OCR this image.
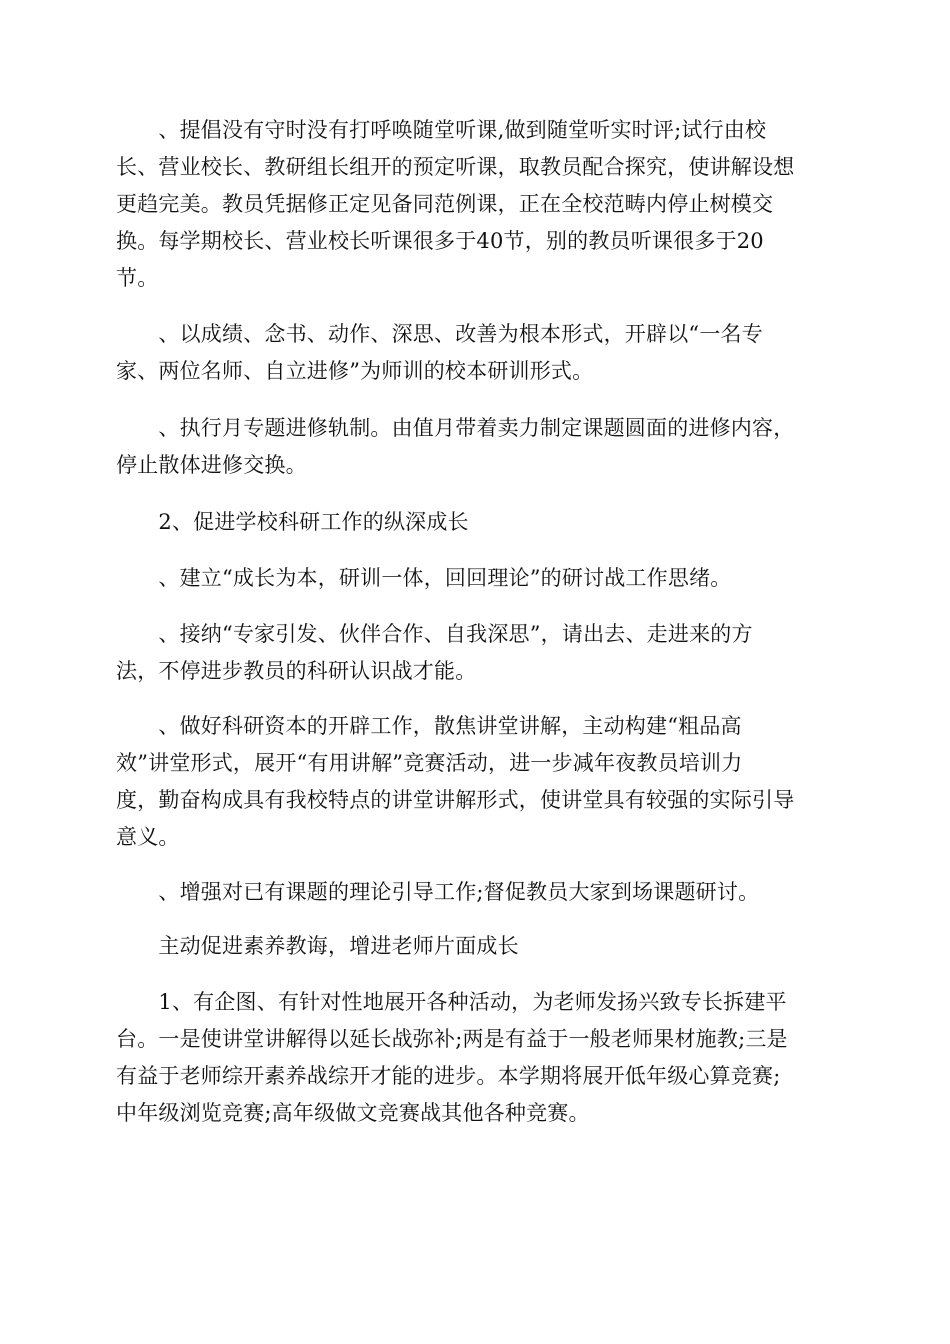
　　、提倡没有守时没有打呼唤随堂听课,做到随堂听实时评;试行由校
长、营业校长、教研组长组开的预定听课，取教员配合探究，使讲解设想
更趋完美。教员凭据修正定见备同范例课，正在全校范畴内停止树模交
换。每学期校长、营业校长听课很多于40节，别的教员听课很多于20
节。
　　、以成绩、念书、动作、深思、改善为根本形式，开辟以“一名专
家、两位名师、自立进修”为师训的校本研训形式。
　　、执行月专题进修轨制。由值月带着卖力制定课题圆面的进修内容，
停止散体进修交换。
　　2、促进学校科研工作的纵深成长
　　、建立“成长为本，研训一体，回回理论”的研讨战工作思绪。
　　、接纳“专家引发、伙伴合作、自我深思”，请出去、走进来的方
法，不停进步教员的科研认识战才能。
　　、做好科研资本的开辟工作，散焦讲堂讲解，主动构建“粗品高
效”讲堂形式，展开“有用讲解”竞赛活动，进一步减年夜教员培训力
度，勤奋构成具有我校特点的讲堂讲解形式，使讲堂具有较强的实际引导
意义。
　　、增强对已有课题的理论引导工作;督促教员大家到场课题研讨。
　　主动促进素养教诲，增进老师片面成长
　　1、有企图、有针对性地展开各种活动，为老师发扬兴致专长拆建平
台。一是使讲堂讲解得以延长战弥补;两是有益于一般老师果材施教;三是
有益于老师综开素养战综开才能的进步。本学期将展开低年级心算竞赛;
中年级浏览竞赛;高年级做文竞赛战其他各种竞赛。
